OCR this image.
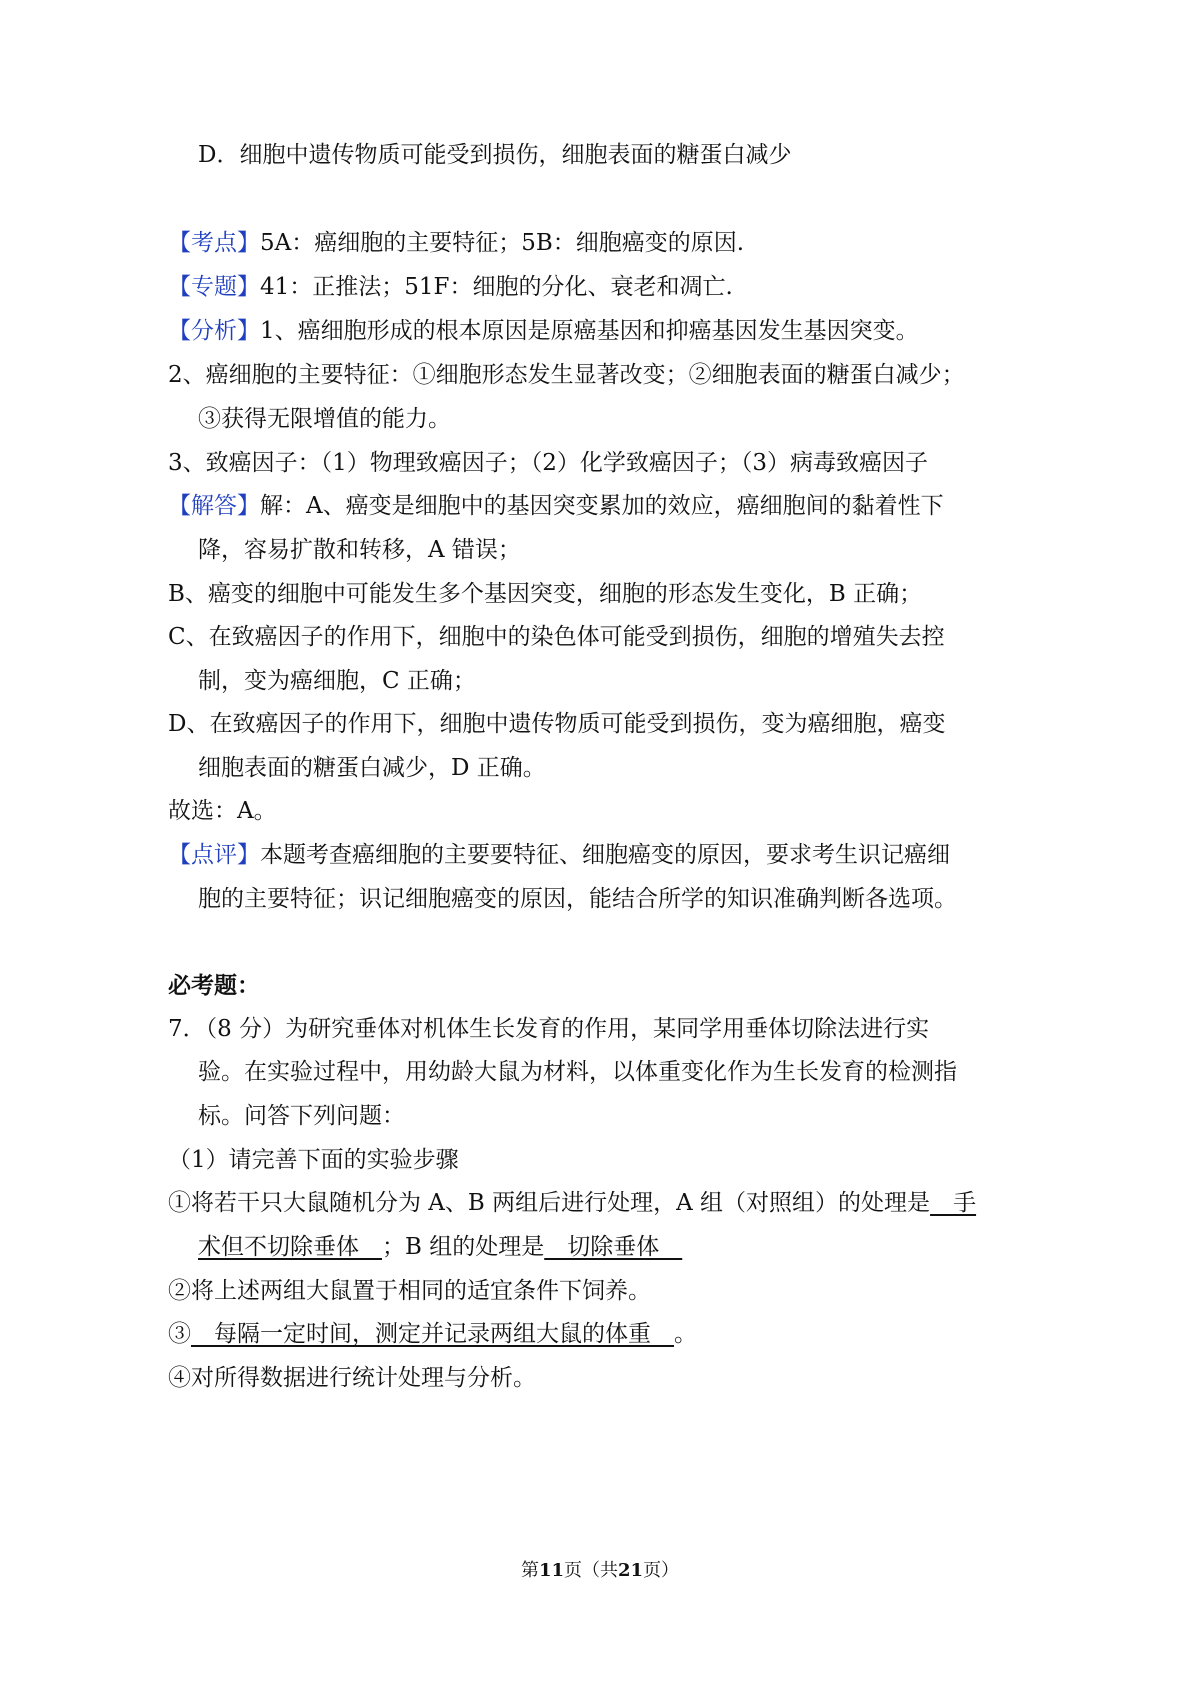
D．细胞中遗传物质可能受到损伤，细胞表面的糖蛋白减少
【考点】5A：癌细胞的主要特征；5B：细胞癌变的原因.
【专题】41：正推法；51F：细胞的分化、衰老和凋亡.
【分析】1、癌细胞形成的根本原因是原癌基因和抑癌基因发生基因突变。
2、癌细胞的主要特征：①细胞形态发生显著改变；②细胞表面的糖蛋白减少；
③获得无限增值的能力。
3、致癌因子：（1）物理致癌因子；（2）化学致癌因子；（3）病毒致癌因子
【解答】解：A、癌变是细胞中的基因突变累加的效应，癌细胞间的黏着性下
降，容易扩散和转移，A 错误；
B、癌变的细胞中可能发生多个基因突变，细胞的形态发生变化，B 正确；
C、在致癌因子的作用下，细胞中的染色体可能受到损伤，细胞的增殖失去控
制，变为癌细胞，C 正确；
D、在致癌因子的作用下，细胞中遗传物质可能受到损伤，变为癌细胞，癌变
细胞表面的糖蛋白减少，D 正确。
故选：A。
【点评】本题考查癌细胞的主要要特征、细胞癌变的原因，要求考生识记癌细
胞的主要特征；识记细胞癌变的原因，能结合所学的知识准确判断各选项。
必考题：
7．（8 分）为研究垂体对机体生长发育的作用，某同学用垂体切除法进行实
验。在实验过程中，用幼龄大鼠为材料，以体重变化作为生长发育的检测指
标。问答下列问题：
（1）请完善下面的实验步骤
①将若干只大鼠随机分为 A、B 两组后进行处理，A 组（对照组）的处理是　手
术但不切除垂体　；B 组的处理是　切除垂体　
②将上述两组大鼠置于相同的适宜条件下饲养。
③　每隔一定时间，测定并记录两组大鼠的体重　。
④对所得数据进行统计处理与分析。
第11页（共21页）
